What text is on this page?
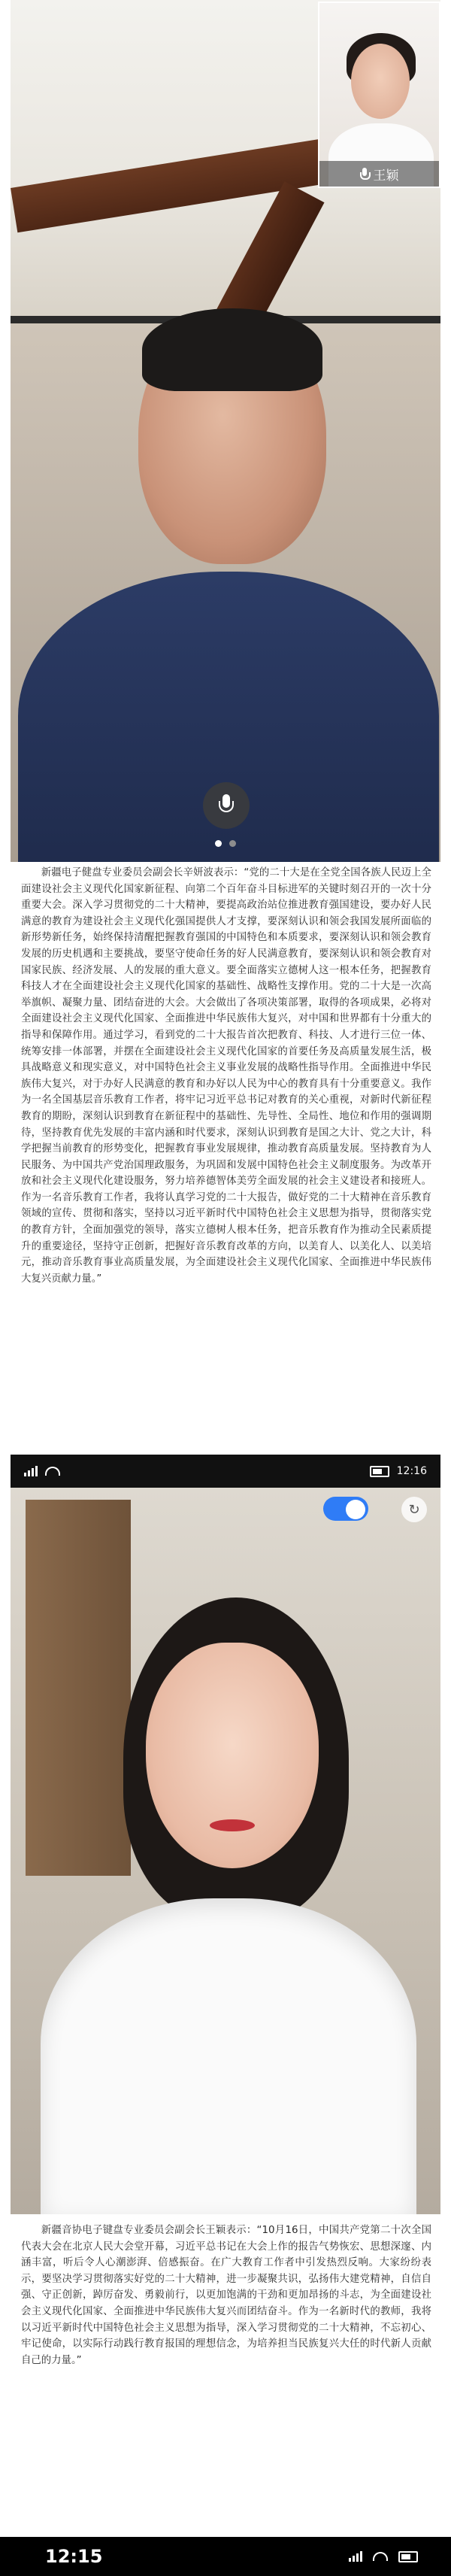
王颖

新疆电子健盘专业委员会副会长辛妍波表示：“党的二十大是在全党全国各族人民迈上全面建设社会主义现代化国家新征程、向第二个百年奋斗目标进军的关键时刻召开的一次十分重要大会。深入学习贯彻党的二十大精神，要提高政治站位推进教育强国建设，要办好人民满意的教育为建设社会主义现代化强国提供人才支撑，要深刻认识和领会我国发展所面临的新形势新任务，始终保持清醒把握教育强国的中国特色和本质要求，要深刻认识和领会教育发展的历史机遇和主要挑战，要坚守使命任务的好人民满意教育，要深刻认识和领会教育对国家民族、经济发展、人的发展的重大意义。要全面落实立德树人这一根本任务，把握教育科技人才在全面建设社会主义现代化国家的基础性、战略性支撑作用。党的二十大是一次高举旗帜、凝聚力量、团结奋进的大会。大会做出了各项决策部署，取得的各项成果，必将对全面建设社会主义现代化国家、全面推进中华民族伟大复兴，对中国和世界都有十分重大的指导和保障作用。通过学习，看到党的二十大报告首次把教育、科技、人才进行三位一体、统筹安排一体部署，并摆在全面建设社会主义现代化国家的首要任务及高质量发展生活，极具战略意义和现实意义，对中国特色社会主义事业发展的战略性指导作用。全面推进中华民族伟大复兴，对于办好人民满意的教育和办好以人民为中心的教育具有十分重要意义。我作为一名全国基层音乐教育工作者，将牢记习近平总书记对教育的关心重视，对新时代新征程教育的期盼，深刻认识到教育在新征程中的基础性、先导性、全局性、地位和作用的强调期待，坚持教育优先发展的丰富内涵和时代要求，深刻认识到教育是国之大计、党之大计，科学把握当前教育的形势变化，把握教育事业发展规律，推动教育高质量发展。坚持教育为人民服务、为中国共产党治国理政服务，为巩固和发展中国特色社会主义制度服务。为改革开放和社会主义现代化建设服务，努力培养德智体美劳全面发展的社会主义建设者和接班人。作为一名音乐教育工作者，我将认真学习党的二十大报告，做好党的二十大精神在音乐教育领域的宣传、贯彻和落实，坚持以习近平新时代中国特色社会主义思想为指导，贯彻落实党的教育方针，全面加强党的领导，落实立德树人根本任务，把音乐教育作为推动全民素质提升的重要途径，坚持守正创新，把握好音乐教育改革的方向，以美育人、以美化人、以美培元，推动音乐教育事业高质量发展，为全面建设社会主义现代化国家、全面推进中华民族伟大复兴贡献力量。”

12:16
↻

新疆音协电子键盘专业委员会副会长王颖表示：“10月16日，中国共产党第二十次全国代表大会在北京人民大会堂开幕，习近平总书记在大会上作的报告气势恢宏、思想深邃、内涵丰富，听后令人心潮澎湃、倍感振奋。在广大教育工作者中引发热烈反响。大家纷纷表示，要坚决学习贯彻落实好党的二十大精神，进一步凝聚共识，弘扬伟大建党精神，自信自强、守正创新，踔厉奋发、勇毅前行，以更加饱满的干劲和更加昂扬的斗志，为全面建设社会主义现代化国家、全面推进中华民族伟大复兴而团结奋斗。作为一名新时代的教师，我将以习近平新时代中国特色社会主义思想为指导，深入学习贯彻党的二十大精神，不忘初心、牢记使命，以实际行动践行教育报国的理想信念，为培养担当民族复兴大任的时代新人贡献自己的力量。”

12:15
